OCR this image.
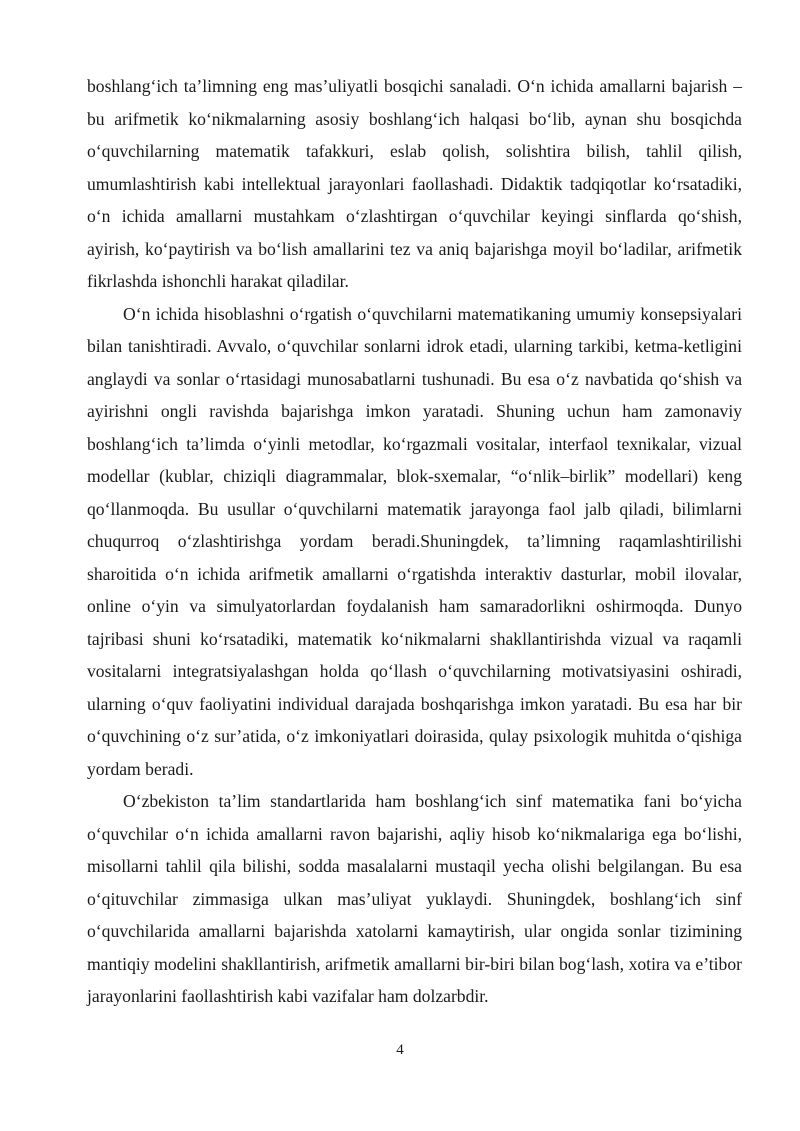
boshlang‘ich ta’limning eng mas’uliyatli bosqichi sanaladi. O‘n ichida amallarni bajarish – bu arifmetik ko‘nikmalarning asosiy boshlang‘ich halqasi bo‘lib, aynan shu bosqichda o‘quvchilarning matematik tafakkuri, eslab qolish, solishtira bilish, tahlil qilish, umumlashtirish kabi intellektual jarayonlari faollashadi. Didaktik tadqiqotlar ko‘rsatadiki, o‘n ichida amallarni mustahkam o‘zlashtirgan o‘quvchilar keyingi sinflarda qo‘shish, ayirish, ko‘paytirish va bo‘lish amallarini tez va aniq bajarishga moyil bo‘ladilar, arifmetik fikrlashda ishonchli harakat qiladilar.

O‘n ichida hisoblashni o‘rgatish o‘quvchilarni matematikaning umumiy konsepsiyalari bilan tanishtiradi. Avvalo, o‘quvchilar sonlarni idrok etadi, ularning tarkibi, ketma-ketligini anglaydi va sonlar o‘rtasidagi munosabatlarni tushunadi. Bu esa o‘z navbatida qo‘shish va ayirishni ongli ravishda bajarishga imkon yaratadi. Shuning uchun ham zamonaviy boshlang‘ich ta’limda o‘yinli metodlar, ko‘rgazmali vositalar, interfaol texnikalar, vizual modellar (kublar, chiziqli diagrammalar, blok-sxemalar, “o‘nlik–birlik” modellari) keng qo‘llanmoqda. Bu usullar o‘quvchilarni matematik jarayonga faol jalb qiladi, bilimlarni chuqurroq o‘zlashtirishga yordam beradi.Shuningdek, ta’limning raqamlashtirilishi sharoitida o‘n ichida arifmetik amallarni o‘rgatishda interaktiv dasturlar, mobil ilovalar, online o‘yin va simulyatorlardan foydalanish ham samaradorlikni oshirmoqda. Dunyo tajribasi shuni ko‘rsatadiki, matematik ko‘nikmalarni shakllantirishda vizual va raqamli vositalarni integratsiyalashgan holda qo‘llash o‘quvchilarning motivatsiyasini oshiradi, ularning o‘quv faoliyatini individual darajada boshqarishga imkon yaratadi. Bu esa har bir o‘quvchining o‘z sur’atida, o‘z imkoniyatlari doirasida, qulay psixologik muhitda o‘qishiga yordam beradi.

O‘zbekiston ta’lim standartlarida ham boshlang‘ich sinf matematika fani bo‘yicha o‘quvchilar o‘n ichida amallarni ravon bajarishi, aqliy hisob ko‘nikmalariga ega bo‘lishi, misollarni tahlil qila bilishi, sodda masalalarni mustaqil yecha olishi belgilangan. Bu esa o‘qituvchilar zimmasiga ulkan mas’uliyat yuklaydi. Shuningdek, boshlang‘ich sinf o‘quvchilarida amallarni bajarishda xatolarni kamaytirish, ular ongida sonlar tizimining mantiqiy modelini shakllantirish, arifmetik amallarni bir-biri bilan bog‘lash, xotira va e’tibor jarayonlarini faollashtirish kabi vazifalar ham dolzarbdir.

4
